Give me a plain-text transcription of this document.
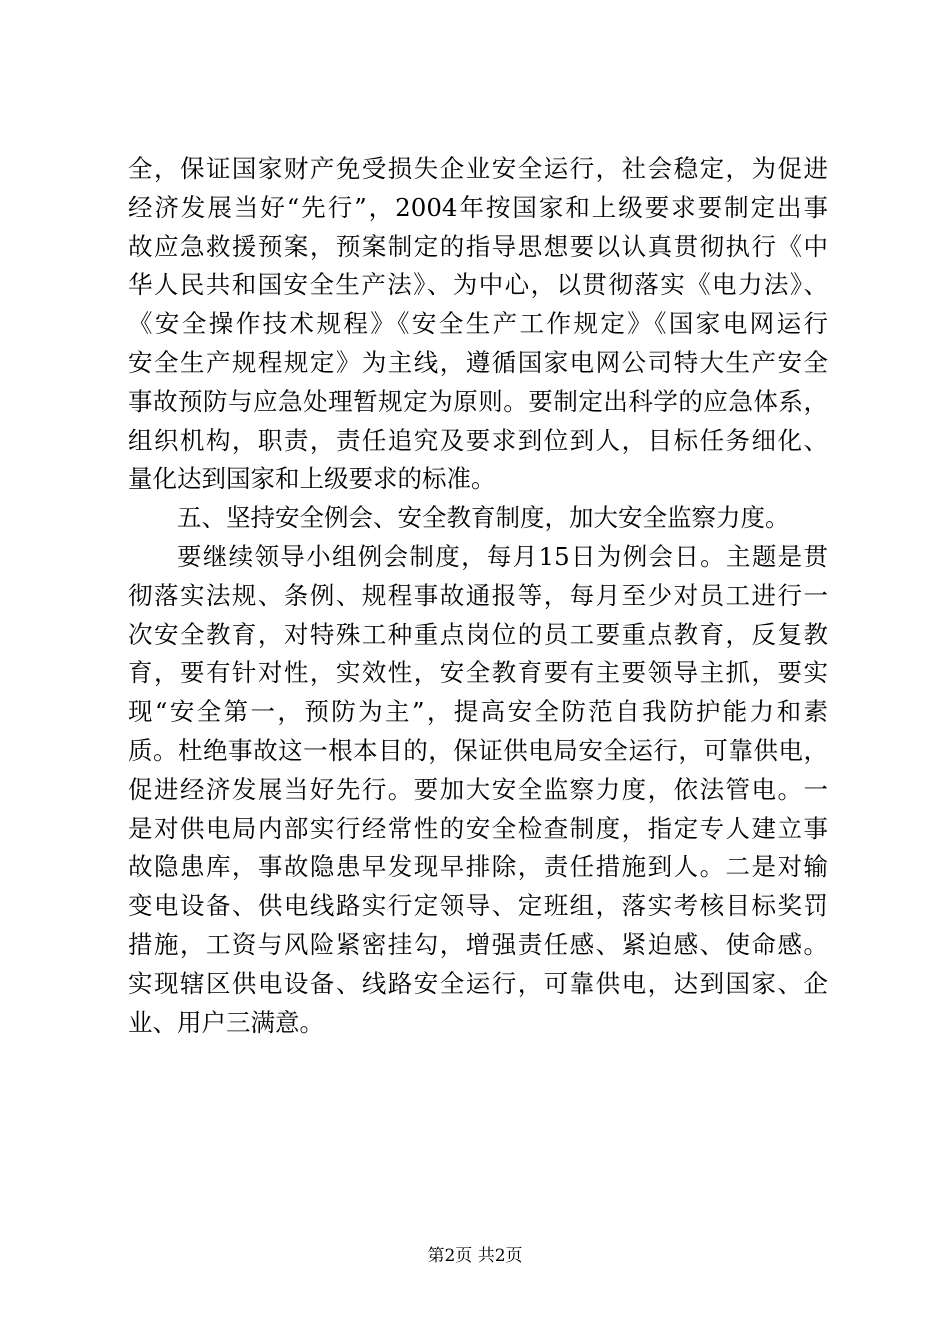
全，保证国家财产免受损失企业安全运行，社会稳定，为促进
经济发展当好“先行”，2004年按国家和上级要求要制定出事
故应急救援预案，预案制定的指导思想要以认真贯彻执行《中
华人民共和国安全生产法》、为中心，以贯彻落实《电力法》、
《安全操作技术规程》《安全生产工作规定》《国家电网运行
安全生产规程规定》为主线，遵循国家电网公司特大生产安全
事故预防与应急处理暂规定为原则。要制定出科学的应急体系，
组织机构，职责，责任追究及要求到位到人，目标任务细化、
量化达到国家和上级要求的标准。
五、坚持安全例会、安全教育制度，加大安全监察力度。
要继续领导小组例会制度，每月15日为例会日。主题是贯
彻落实法规、条例、规程事故通报等，每月至少对员工进行一
次安全教育，对特殊工种重点岗位的员工要重点教育，反复教
育，要有针对性，实效性，安全教育要有主要领导主抓，要实
现“安全第一，预防为主”，提高安全防范自我防护能力和素
质。杜绝事故这一根本目的，保证供电局安全运行，可靠供电，
促进经济发展当好先行。要加大安全监察力度，依法管电。一
是对供电局内部实行经常性的安全检查制度，指定专人建立事
故隐患库，事故隐患早发现早排除，责任措施到人。二是对输
变电设备、供电线路实行定领导、定班组，落实考核目标奖罚
措施，工资与风险紧密挂勾，增强责任感、紧迫感、使命感。
实现辖区供电设备、线路安全运行，可靠供电，达到国家、企
业、用户三满意。
第2页 共2页
